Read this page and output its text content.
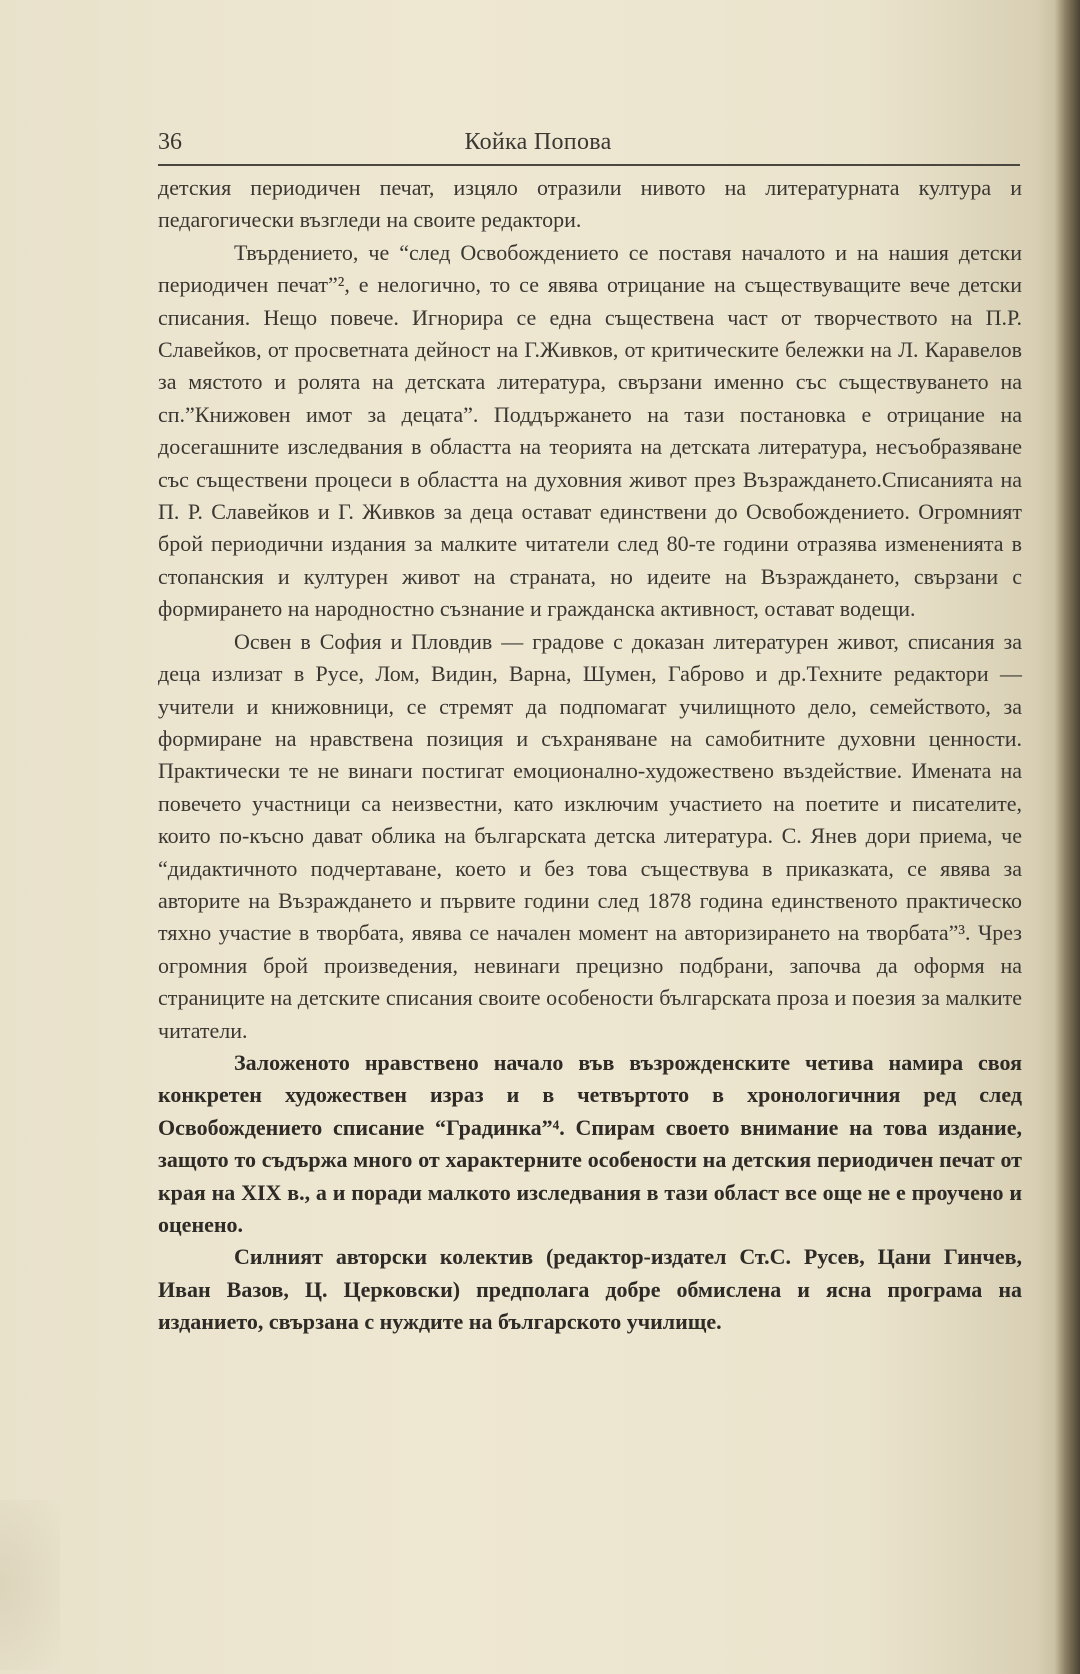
36	Койка Попова

детския периодичен печат, изцяло отразили нивото на литературната култура и педагогически възгледи на своите редактори.

Твърдението, че “след Освобождението се поставя началото и на нашия детски периодичен печат”², е нелогично, то се явява отрицание на съществуващите вече детски списания. Нещо повече. Игнорира се една съществена част от творчеството на П.Р. Славейков, от просветната дейност на Г.Живков, от критическите бележки на Л. Каравелов за мястото и ролята на детската литература, свързани именно със съществуването на сп.”Книжовен имот за децата”. Поддържането на тази постановка е отрицание на досегашните изследвания в областта на теорията на детската литература, несъобразяване със съществени процеси в областта на духовния живот през Възраждането.Списанията на П. Р. Славейков и Г. Живков за деца остават единствени до Освобождението. Огромният брой периодични издания за малките читатели след 80-те години отразява измененията в стопанския и културен живот на страната, но идеите на Възраждането, свързани с формирането на народностно съзнание и гражданска активност, остават водещи.

Освен в София и Пловдив — градове с доказан литературен живот, списания за деца излизат в Русе, Лом, Видин, Варна, Шумен, Габрово и др.Техните редактори — учители и книжовници, се стремят да подпомагат училищното дело, семейството, за формиране на нравствена позиция и съхраняване на самобитните духовни ценности. Практически те не винаги постигат емоционално-художествено въздействие. Имената на повечето участници са неизвестни, като изключим участието на поетите и писателите, които по-късно дават облика на българската детска литература. С. Янев дори приема, че “дидактичното подчертаване, което и без това съществува в приказката, се явява за авторите на Възраждането и първите години след 1878 година единственото практическо тяхно участие в творбата, явява се начален момент на авторизирането на творбата”³. Чрез огромния брой произведения, невинаги прецизно подбрани, започва да оформя на страниците на детските списания своите особености българската проза и поезия за малките читатели.

Заложеното нравствено начало във възрожденските четива намира своя конкретен художествен израз и в четвъртото в хронологичния ред след Освобождението списание “Градинка”⁴. Спирам своето внимание на това издание, защото то съдържа много от характерните особености на детския периодичен печат от края на XIX в., а и поради малкото изследвания в тази област все още не е проучено и оценено.

Силният авторски колектив (редактор-издател Ст.С. Русев, Цани Гинчев, Иван Вазов, Ц. Церковски) предполага добре обмислена и ясна програма на изданието, свързана с нуждите на българското училище.
